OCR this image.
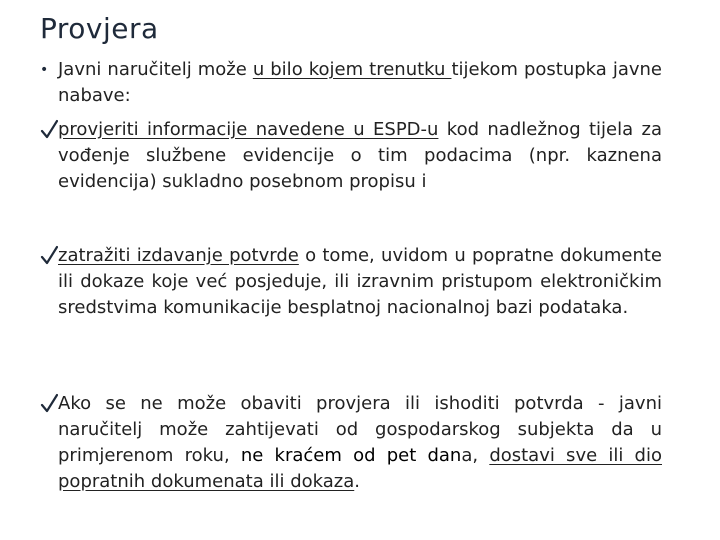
Provjera
• Javni naručitelj može u bilo kojem trenutku tijekom postupka javne nabave:
provjeriti informacije navedene u ESPD-u kod nadležnog tijela za vođenje službene evidencije o tim podacima (npr. kaznena evidencija) sukladno posebnom propisu i
zatražiti izdavanje potvrde o tome, uvidom u popratne dokumente ili dokaze koje već posjeduje, ili izravnim pristupom elektroničkim sredstvima komunikacije besplatnoj nacionalnoj bazi podataka.
Ako se ne može obaviti provjera ili ishoditi potvrda - javni naručitelj može zahtijevati od gospodarskog subjekta da u primjerenom roku, ne kraćem od pet dana, dostavi sve ili dio popratnih dokumenata ili dokaza.
